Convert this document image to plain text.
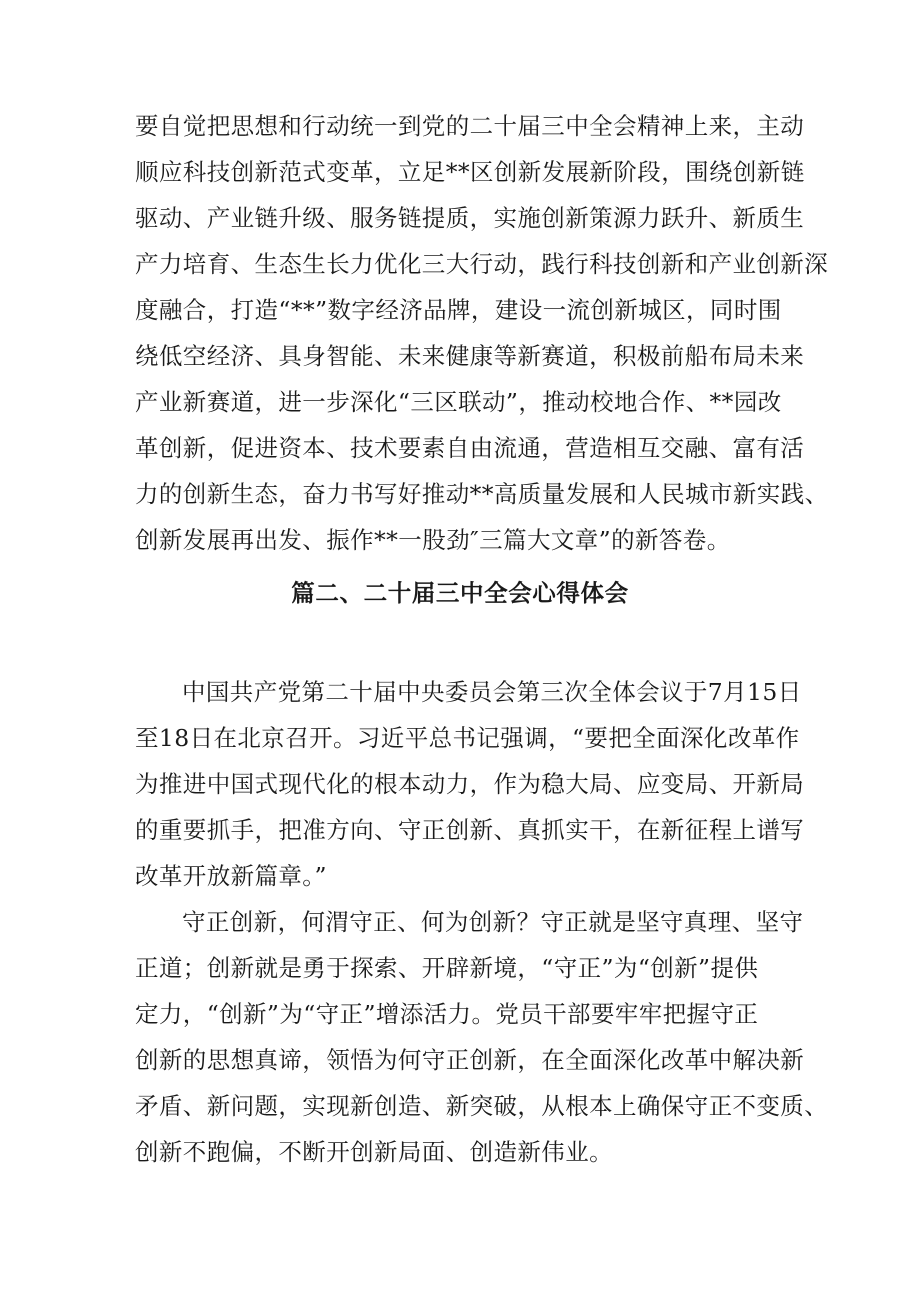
要自觉把思想和行动统一到党的二十届三中全会精神上来，主动
顺应科技创新范式变革，立足**区创新发展新阶段，围绕创新链
驱动、产业链升级、服务链提质，实施创新策源力跃升、新质生
产力培育、生态生长力优化三大行动，践行科技创新和产业创新深
度融合，打造“**”数字经济品牌，建设一流创新城区，同时围
绕低空经济、具身智能、未来健康等新赛道，积极前船布局未来
产业新赛道，进一步深化“三区联动”，推动校地合作、**园改
革创新，促进资本、技术要素自由流通，营造相互交融、富有活
力的创新生态，奋力书写好推动**高质量发展和人民城市新实践、
创新发展再出发、振作**一股劲″三篇大文章”的新答卷。
篇二、二十届三中全会心得体会
中国共产党第二十届中央委员会第三次全体会议于7月15日
至18日在北京召开。习近平总书记强调，“要把全面深化改革作
为推进中国式现代化的根本动力，作为稳大局、应变局、开新局
的重要抓手，把准方向、守正创新、真抓实干，在新征程上谱写
改革开放新篇章。”
守正创新，何渭守正、何为创新？守正就是坚守真理、坚守
正道；创新就是勇于探索、开辟新境，“守正”为“创新”提供
定力，“创新”为“守正”增添活力。党员干部要牢牢把握守正
创新的思想真谛，领悟为何守正创新，在全面深化改革中解决新
矛盾、新问题，实现新创造、新突破，从根本上确保守正不变质、
创新不跑偏，不断开创新局面、创造新伟业。
